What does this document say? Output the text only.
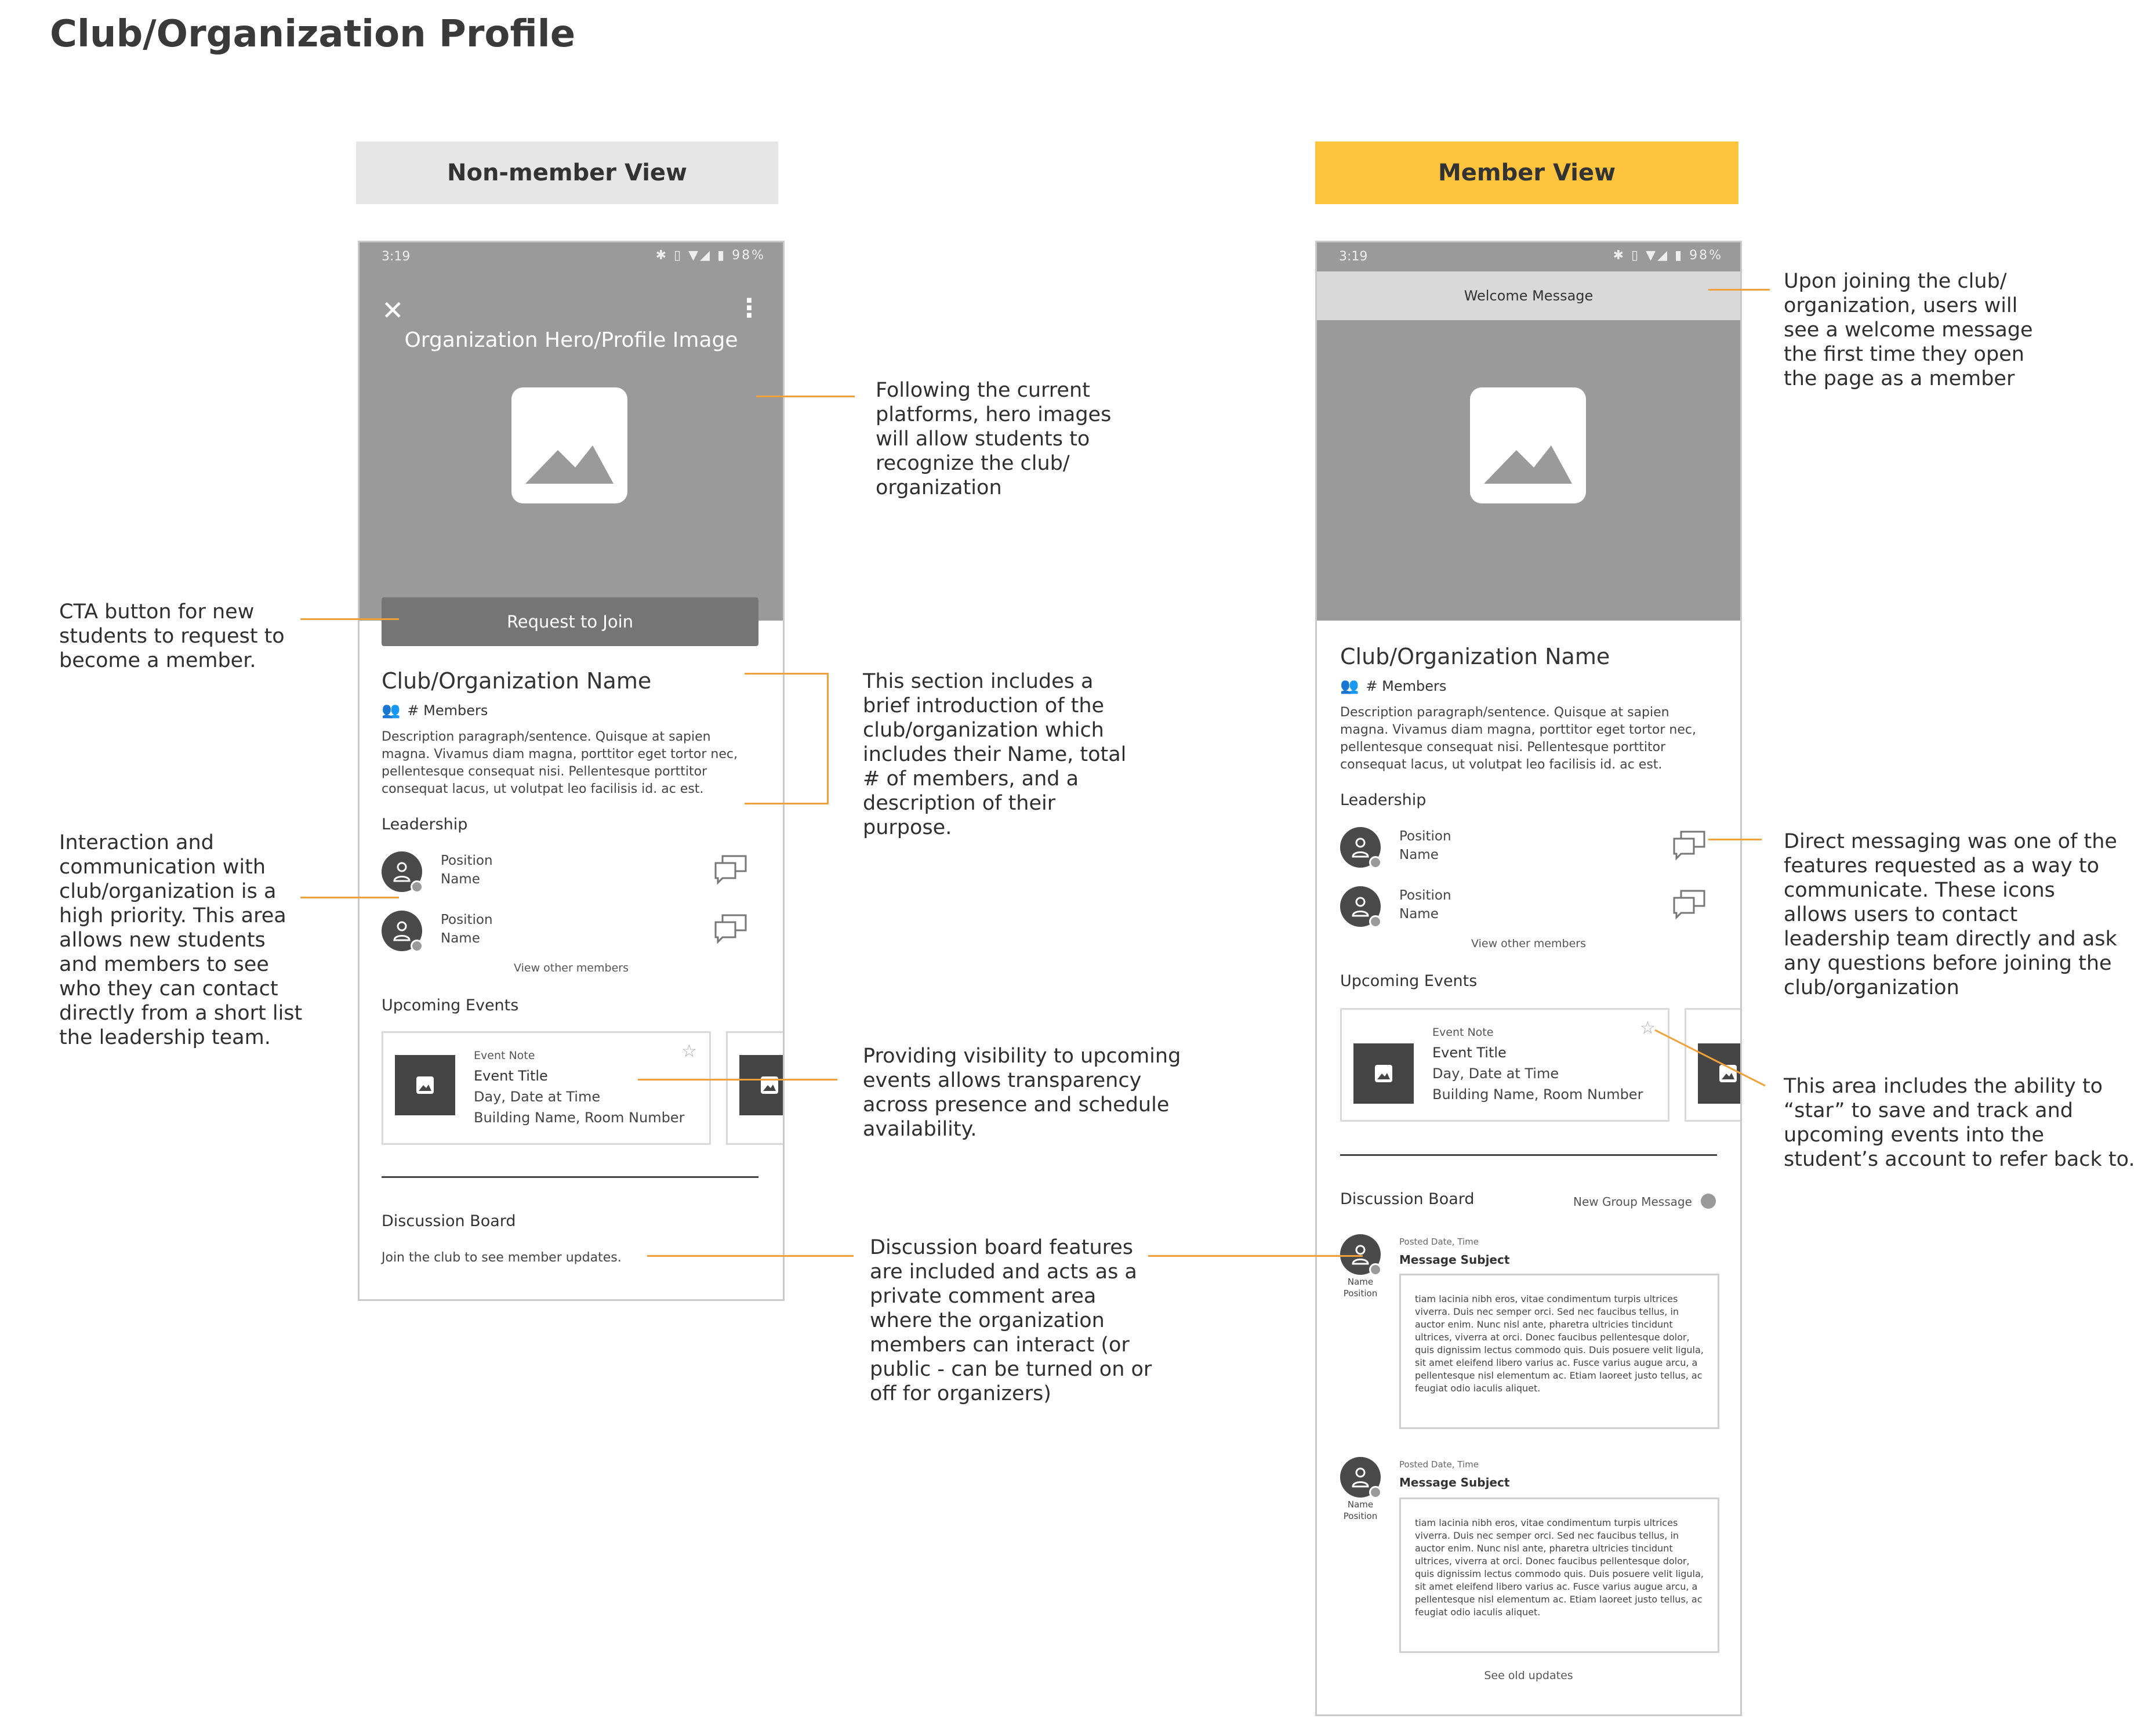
Club/Organization Profile
Non-member View	Member View
3:19	✱ ▯ ▼◢ ▮ 98%
✕	⋮
Organization Hero/Profile Image
Request to Join
Club/Organization Name
👥 # Members
Description paragraph/sentence. Quisque at sapien magna. Vivamus diam magna, porttitor eget tortor nec, pellentesque consequat nisi. Pellentesque porttitor consequat lacus, ut volutpat leo facilisis id. ac est.
Leadership
Position
Name
Position
Name
View other members
Upcoming Events
Event Note
Event Title
Day, Date at Time
Building Name, Room Number
☆
Discussion Board
Join the club to see member updates.
3:19	✱ ▯ ▼◢ ▮ 98%
Welcome Message
Club/Organization Name
👥 # Members
Description paragraph/sentence. Quisque at sapien magna. Vivamus diam magna, porttitor eget tortor nec, pellentesque consequat nisi. Pellentesque porttitor consequat lacus, ut volutpat leo facilisis id. ac est.
Leadership
Position
Name
Position
Name
View other members
Upcoming Events
Event Note
Event Title
Day, Date at Time
Building Name, Room Number
☆
Discussion Board	New Group Message
Name
Position
Posted Date, Time
Message Subject
tiam lacinia nibh eros, vitae condimentum turpis ultrices viverra. Duis nec semper orci. Sed nec faucibus tellus, in auctor enim. Nunc nisl ante, pharetra ultricies tincidunt ultrices, viverra at orci. Donec faucibus pellentesque dolor, quis dignissim lectus commodo quis. Duis posuere velit ligula, sit amet eleifend libero varius ac. Fusce varius augue arcu, a pellentesque nisl elementum ac. Etiam laoreet justo tellus, ac feugiat odio iaculis aliquet.
Name
Position
Posted Date, Time
Message Subject
tiam lacinia nibh eros, vitae condimentum turpis ultrices viverra. Duis nec semper orci. Sed nec faucibus tellus, in auctor enim. Nunc nisl ante, pharetra ultricies tincidunt ultrices, viverra at orci. Donec faucibus pellentesque dolor, quis dignissim lectus commodo quis. Duis posuere velit ligula, sit amet eleifend libero varius ac. Fusce varius augue arcu, a pellentesque nisl elementum ac. Etiam laoreet justo tellus, ac feugiat odio iaculis aliquet.
See old updates
CTA button for new
students to request to
become a member.
Interaction and
communication with
club/organization is a
high priority. This area
allows new students
and members to see
who they can contact
directly from a short list
the leadership team.
Following the current
platforms, hero images
will allow students to
recognize the club/
organization
This section includes a
brief introduction of the
club/organization which
includes their Name, total
# of members, and a
description of their
purpose.
Providing visibility to upcoming
events allows transparency
across presence and schedule
availability.
Discussion board features
are included and acts as a
private comment area
where the organization
members can interact (or
public - can be turned on or
off for organizers)
Upon joining the club/
organization, users will
see a welcome message
the first time they open
the page as a member
Direct messaging was one of the
features requested as a way to
communicate. These icons
allows users to contact
leadership team directly and ask
any questions before joining the
club/organization
This area includes the ability to
“star” to save and track and
upcoming events into the
student’s account to refer back to.
